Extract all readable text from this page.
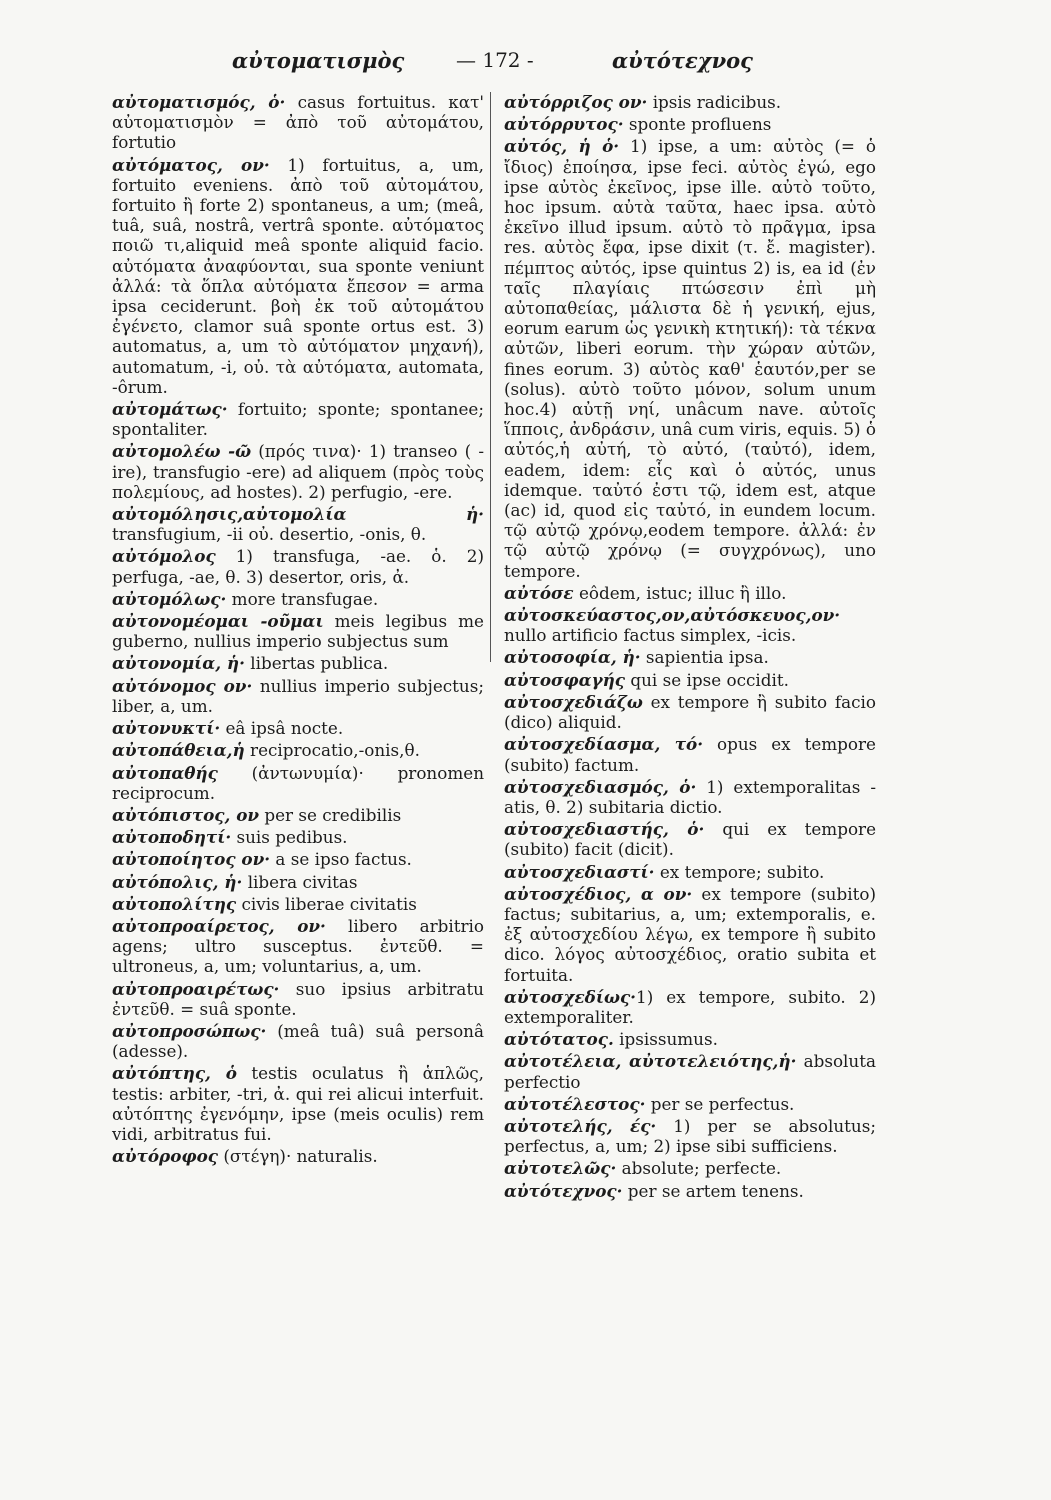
αὐτοματισμὸς	— 172 -	αὐτότεχνος

αὐτοματισμός, ὁ· casus fortuitus. κατ' αὐτοματισμὸν = ἀπὸ τοῦ αὐτομάτου, fortutio

αὐτόματος, ον· 1) fortuitus, a, um, fortuito eveniens. ἀπὸ τοῦ αὐτομάτου, fortuito ἢ forte 2) spontaneus, a um; (meâ, tuâ, suâ, nostrâ, vertrâ sponte. αὐτόματος ποιῶ τι,aliquid meâ sponte aliquid facio. αὐτόματα ἀναφύονται, sua sponte veniunt ἀλλά: τὰ ὅπλα αὐτόματα ἔπεσον = arma ipsa ceciderunt. βοὴ ἐκ τοῦ αὐτομάτου ἐγένετο, clamor suâ sponte ortus est. 3) automatus, a, um τὸ αὐτόματον μηχανή), automatum, -i, οὐ. τὰ αὐτόματα, automata, -ôrum.

αὐτομάτως· fortuito; sponte; spontanee; spontaliter.

αὐτομολέω -ῶ (πρός τινα)· 1) transeo ( -ire), transfugio -ere) ad aliquem (πρὸς τοὺς πολεμίους, ad hostes). 2) perfugio, -ere.

αὐτομόλησις,αὐτομολία ἡ· transfugium, -ii οὐ. desertio, -onis, θ.

αὐτόμολος 1) transfuga, -ae. ὁ. 2) perfuga, -ae, θ. 3) desertor, oris, ἀ.

αὐτομόλως· more transfugae.

αὐτονομέομαι -οῦμαι meis legibus me guberno, nullius imperio subjectus sum

αὐτονομία, ἡ· libertas publica.

αὐτόνομος ον· nullius imperio subjectus; liber, a, um.

αὐτονυκτί· eâ ipsâ nocte.

αὐτοπάθεια,ἡ reciprocatio,-onis,θ.

αὐτοπαθής (ἀντωνυμία)· pronomen reciprocum.

αὐτόπιστος, ον per se credibilis

αὐτοποδητί· suis pedibus.

αὐτοποίητος ον· a se ipso factus.

αὐτόπολις, ἡ· libera civitas

αὐτοπολίτης civis liberae civitatis

αὐτοπροαίρετος, ον· libero arbitrio agens; ultro susceptus. ἐντεῦθ. = ultroneus, a, um; voluntarius, a, um.

αὐτοπροαιρέτως· suo ipsius arbitratu ἐντεῦθ. = suâ sponte.

αὐτοπροσώπως· (meâ tuâ) suâ personâ (adesse).

αὐτόπτης, ὁ testis oculatus ἢ ἁπλῶς, testis: arbiter, -tri, ἀ. qui rei alicui interfuit. αὐτόπτης ἐγενόμην, ipse (meis oculis) rem vidi, arbitratus fui.

αὐτόροφος (στέγη)· naturalis.

αὐτόρριζος ον· ipsis radicibus.

αὐτόρρυτος· sponte profluens

αὐτός, ἡ ὁ· 1) ipse, a um: αὐτὸς (= ὁ ἴδιος) ἐποίησα, ipse feci. αὐτὸς ἐγώ, ego ipse αὐτὸς ἐκεῖνος, ipse ille. αὐτὸ τοῦτο, hoc ipsum. αὐτὰ ταῦτα, haec ipsa. αὐτὸ ἐκεῖνο illud ipsum. αὐτὸ τὸ πρᾶγμα, ipsa res. αὐτὸς ἔφα, ipse dixit (τ. ἔ. magister). πέμπτος αὐτός, ipse quintus 2) is, ea id (ἐν ταῖς πλαγίαις πτώσεσιν ἐπὶ μὴ αὐτοπαθείας, μάλιστα δὲ ἡ γενική, ejus, eorum earum ὡς γενικὴ κτητική): τὰ τέκνα αὐτῶν, liberi eorum. τὴν χώραν αὐτῶν, fines eorum. 3) αὐτὸς καθ' ἑαυτόν,per se (solus). αὐτὸ τοῦτο μόνον, solum unum hoc.4) αὐτῇ νηί, unâcum nave. αὐτοῖς ἵπποις, ἀνδράσιν, unâ cum viris, equis. 5) ὁ αὐτός,ἡ αὐτή, τὸ αὐτό, (ταὐτό), idem, eadem, idem: εἷς καὶ ὁ αὐτός, unus idemque. ταὐτό ἐστι τῷ, idem est, atque (ac) id, quod εἰς ταὐτό, in eundem locum. τῷ αὐτῷ χρόνῳ,eodem tempore. ἀλλά: ἐν τῷ αὐτῷ χρόνῳ (= συγχρόνως), uno tempore.

αὐτόσε eôdem, istuc; illuc ἢ illo.

αὐτοσκεύαστος,ον,αὐτόσκευος,ον· nullo artificio factus simplex, -icis.

αὐτοσοφία, ἡ· sapientia ipsa.

αὐτοσφαγής qui se ipse occidit.

αὐτοσχεδιάζω ex tempore ἢ subito facio (dico) aliquid.

αὐτοσχεδίασμα, τό· opus ex tempore (subito) factum.

αὐτοσχεδιασμός, ὁ· 1) extemporalitas -atis, θ. 2) subitaria dictio.

αὐτοσχεδιαστής, ὁ· qui ex tempore (subito) facit (dicit).

αὐτοσχεδιαστί· ex tempore; subito.

αὐτοσχέδιος, α ον· ex tempore (subito) factus; subitarius, a, um; extemporalis, e. ἐξ αὐτοσχεδίου λέγω, ex tempore ἢ subito dico. λόγος αὐτοσχέδιος, oratio subita et fortuita.

αὐτοσχεδίως·1) ex tempore, subito. 2) extemporaliter.

αὐτότατος. ipsissumus.

αὐτοτέλεια, αὐτοτελειότης,ἡ· absoluta perfectio

αὐτοτέλεστος· per se perfectus.

αὐτοτελής, ές· 1) per se absolutus; perfectus, a, um; 2) ipse sibi sufficiens.

αὐτοτελῶς· absolute; perfecte.

αὐτότεχνος· per se artem tenens.
